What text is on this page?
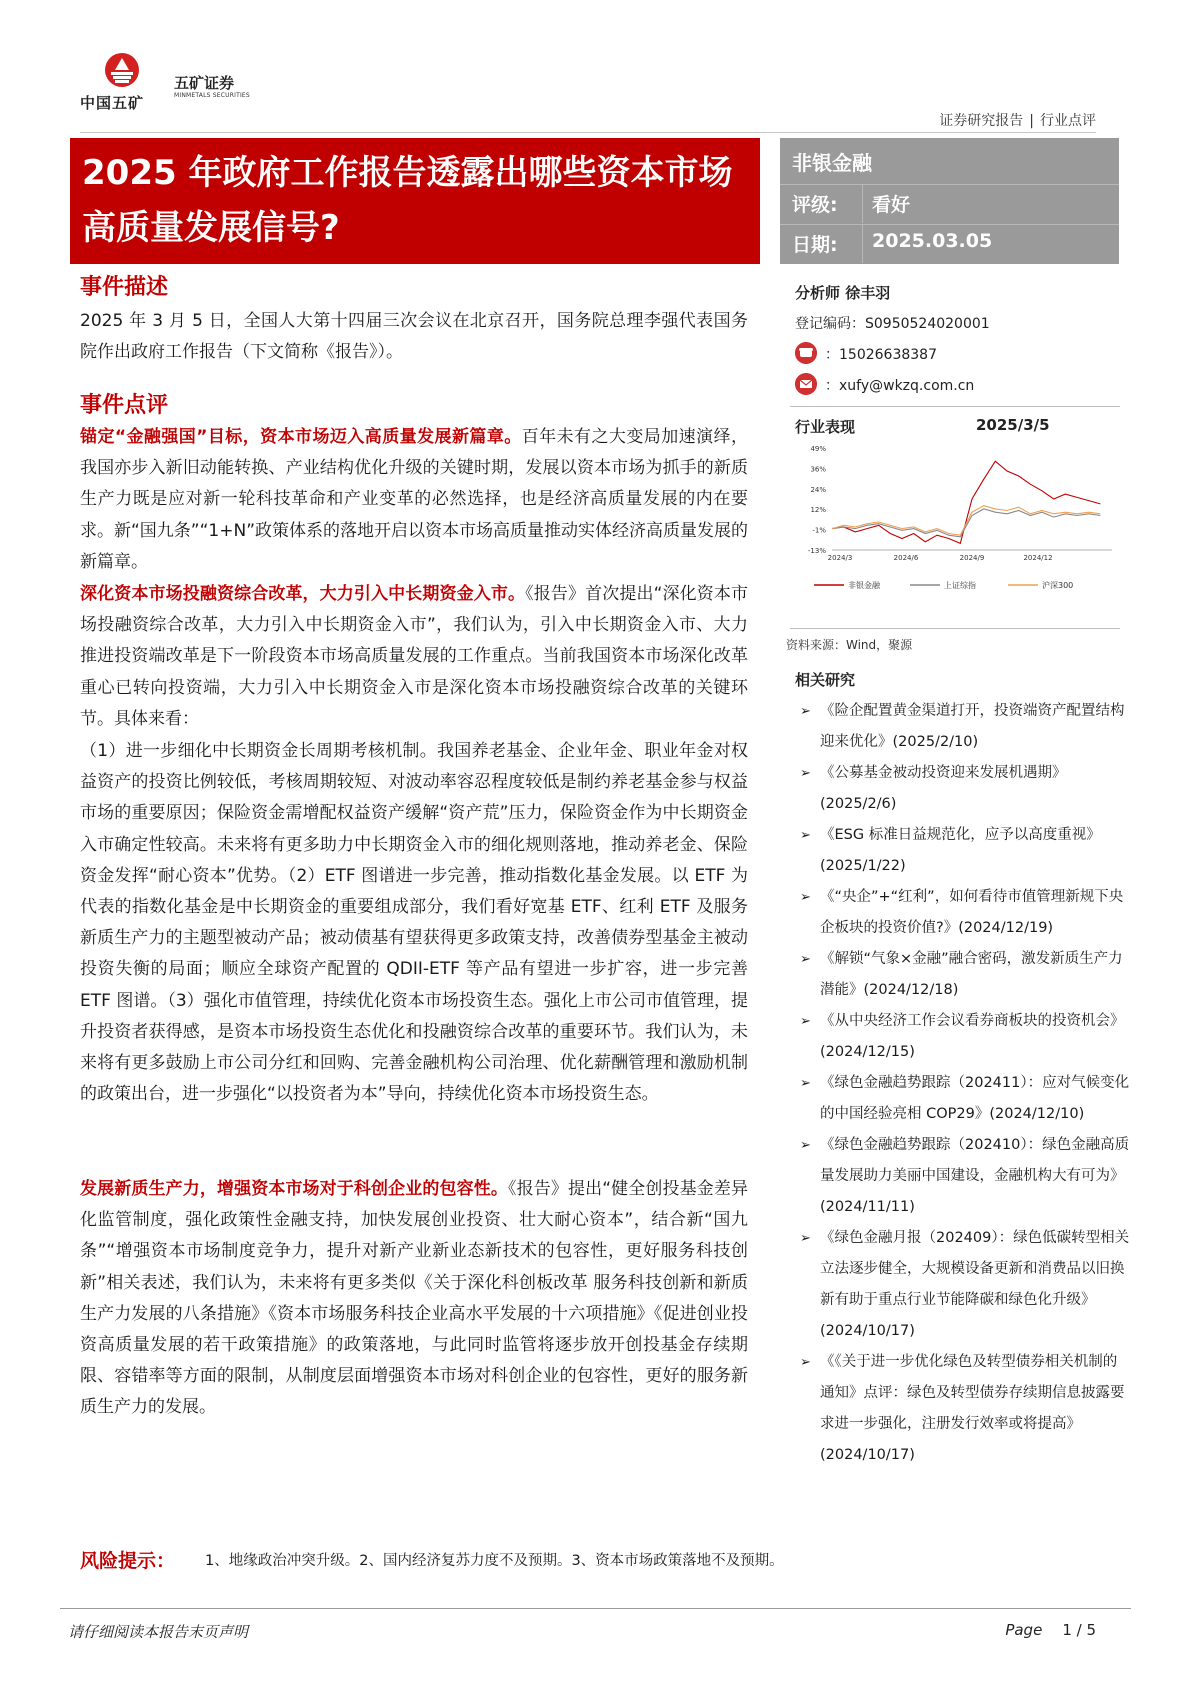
中国五矿
五矿证券
MINMETALS SECURITIES
证券研究报告 | 行业点评
2025 年政府工作报告透露出哪些资本市场高质量发展信号?
非银金融
评级: 看好
日期: 2025.03.05
事件描述
2025 年 3 月 5 日，全国人大第十四届三次会议在北京召开，国务院总理李强代表国务院作出政府工作报告（下文简称《报告》）。
事件点评
锚定“金融强国”目标，资本市场迈入高质量发展新篇章。百年未有之大变局加速演绎，我国亦步入新旧动能转换、产业结构优化升级的关键时期，发展以资本市场为抓手的新质生产力既是应对新一轮科技革命和产业变革的必然选择，也是经济高质量发展的内在要求。新“国九条”“1+N”政策体系的落地开启以资本市场高质量推动实体经济高质量发展的新篇章。
深化资本市场投融资综合改革，大力引入中长期资金入市。《报告》首次提出“深化资本市场投融资综合改革，大力引入中长期资金入市”，我们认为，引入中长期资金入市、大力推进投资端改革是下一阶段资本市场高质量发展的工作重点。当前我国资本市场深化改革重心已转向投资端，大力引入中长期资金入市是深化资本市场投融资综合改革的关键环节。具体来看：
（1）进一步细化中长期资金长周期考核机制。我国养老基金、企业年金、职业年金对权益资产的投资比例较低，考核周期较短、对波动率容忍程度较低是制约养老基金参与权益市场的重要原因；保险资金需增配权益资产缓解“资产荒”压力，保险资金作为中长期资金入市确定性较高。未来将有更多助力中长期资金入市的细化规则落地，推动养老金、保险资金发挥“耐心资本”优势。（2）ETF 图谱进一步完善，推动指数化基金发展。以 ETF 为代表的指数化基金是中长期资金的重要组成部分，我们看好宽基 ETF、红利 ETF 及服务新质生产力的主题型被动产品；被动债基有望获得更多政策支持，改善债券型基金主被动投资失衡的局面；顺应全球资产配置的 QDII-ETF 等产品有望进一步扩容，进一步完善 ETF 图谱。（3）强化市值管理，持续优化资本市场投资生态。强化上市公司市值管理，提升投资者获得感，是资本市场投资生态优化和投融资综合改革的重要环节。我们认为，未来将有更多鼓励上市公司分红和回购、完善金融机构公司治理、优化薪酬管理和激励机制的政策出台，进一步强化“以投资者为本”导向，持续优化资本市场投资生态。
发展新质生产力，增强资本市场对于科创企业的包容性。《报告》提出“健全创投基金差异化监管制度，强化政策性金融支持，加快发展创业投资、壮大耐心资本”，结合新“国九条”“增强资本市场制度竞争力，提升对新产业新业态新技术的包容性，更好服务科技创新”相关表述，我们认为，未来将有更多类似《关于深化科创板改革 服务科技创新和新质生产力发展的八条措施》《资本市场服务科技企业高水平发展的十六项措施》《促进创业投资高质量发展的若干政策措施》的政策落地，与此同时监管将逐步放开创投基金存续期限、容错率等方面的限制，从制度层面增强资本市场对科创企业的包容性，更好的服务新质生产力的发展。
分析师 徐丰羽
登记编码：S0950524020001
：15026638387
：xufy@wkzq.com.cn
行业表现	2025/3/5
49%
36%
24%
12%
-1%
-13%
2024/3	2024/6	2024/9	2024/12
非银金融	上证综指	沪深300
资料来源：Wind，聚源
相关研究
➢ 《险企配置黄金渠道打开，投资端资产配置结构迎来优化》(2025/2/10)
➢ 《公募基金被动投资迎来发展机遇期》(2025/2/6)
➢ 《ESG 标准日益规范化，应予以高度重视》(2025/1/22)
➢ 《“央企”+“红利”，如何看待市值管理新规下央企板块的投资价值?》(2024/12/19)
➢ 《解锁“气象×金融”融合密码，激发新质生产力潜能》(2024/12/18)
➢ 《从中央经济工作会议看券商板块的投资机会》(2024/12/15)
➢ 《绿色金融趋势跟踪（202411）：应对气候变化的中国经验亮相 COP29》(2024/12/10)
➢ 《绿色金融趋势跟踪（202410）：绿色金融高质量发展助力美丽中国建设，金融机构大有可为》(2024/11/11)
➢ 《绿色金融月报（202409）：绿色低碳转型相关立法逐步健全，大规模设备更新和消费品以旧换新有助于重点行业节能降碳和绿色化升级》(2024/10/17)
➢ 《《关于进一步优化绿色及转型债券相关机制的通知》点评：绿色及转型债券存续期信息披露要求进一步强化，注册发行效率或将提高》(2024/10/17)
风险提示： 1、地缘政治冲突升级。2、国内经济复苏力度不及预期。3、资本市场政策落地不及预期。
请仔细阅读本报告末页声明	Page 1 / 5
